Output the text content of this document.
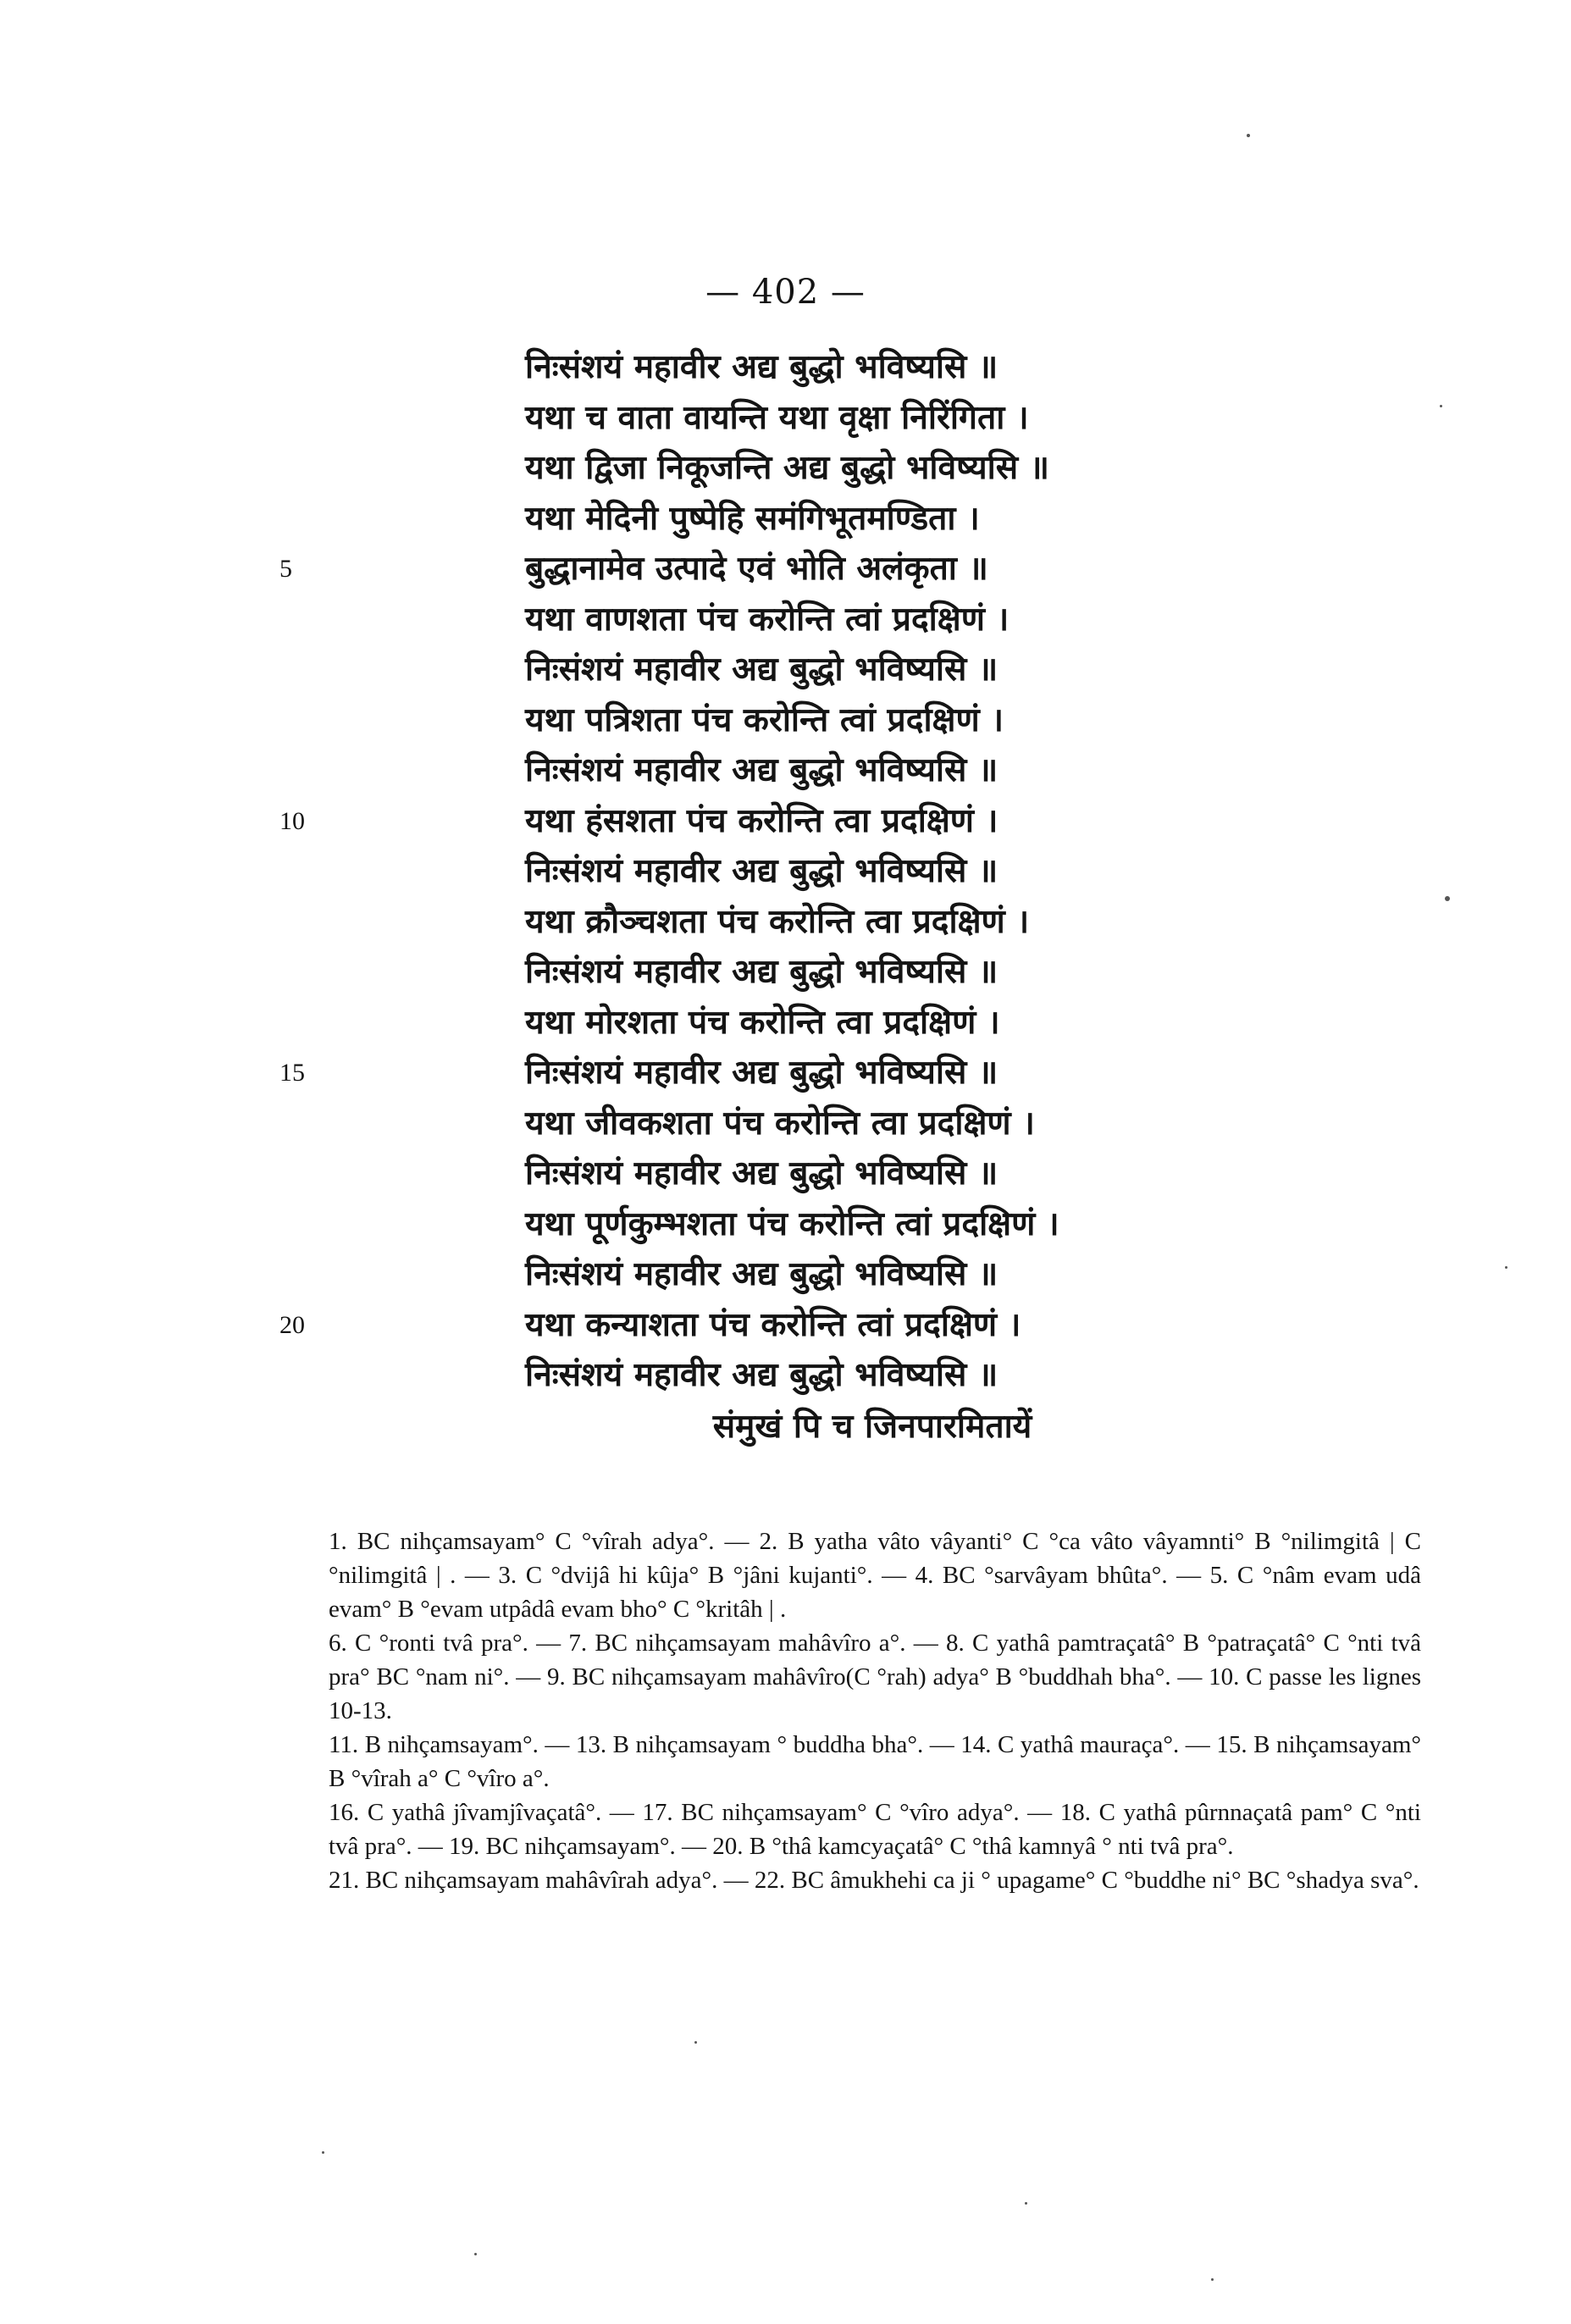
— 402 —
निःसंशयं महावीर अद्य बुद्धो भविष्यसि ॥
यथा च वाता वायन्ति यथा वृक्षा निरिंगिता ।
यथा द्विजा निकूजन्ति अद्य बुद्धो भविष्यसि ॥
यथा मेदिनी पुष्पेहि समंगिभूतमण्डिता ।
5	बुद्धानामेव उत्पादे एवं भोति अलंकृता ॥
यथा वाणशता पंच करोन्ति त्वां प्रदक्षिणं ।
निःसंशयं महावीर अद्य बुद्धो भविष्यसि ॥
यथा पत्रिशता पंच करोन्ति त्वां प्रदक्षिणं ।
निःसंशयं महावीर अद्य बुद्धो भविष्यसि ॥
10	यथा हंसशता पंच करोन्ति त्वा प्रदक्षिणं ।
निःसंशयं महावीर अद्य बुद्धो भविष्यसि ॥
यथा क्रौञ्चशता पंच करोन्ति त्वा प्रदक्षिणं ।
निःसंशयं महावीर अद्य बुद्धो भविष्यसि ॥
यथा मोरशता पंच करोन्ति त्वा प्रदक्षिणं ।
15	निःसंशयं महावीर अद्य बुद्धो भविष्यसि ॥
यथा जीवकशता पंच करोन्ति त्वा प्रदक्षिणं ।
निःसंशयं महावीर अद्य बुद्धो भविष्यसि ॥
यथा पूर्णकुम्भशता पंच करोन्ति त्वां प्रदक्षिणं ।
निःसंशयं महावीर अद्य बुद्धो भविष्यसि ॥
20	यथा कन्याशता पंच करोन्ति त्वां प्रदक्षिणं ।
निःसंशयं महावीर अद्य बुद्धो भविष्यसि ॥
संमुखं पि च जिनपारमितायें

1. BC nihçamsayam° C °vîrah adya°. — 2. B yatha vâto vâyanti° C °ca vâto vâyamnti° B °nilimgitâ | C °nilimgitâ | . — 3. C °dvijâ hi kûja° B °jâni kujanti°. — 4. BC °sarvâyam bhûta°. — 5. C °nâm evam udâ evam° B °evam utpâdâ evam bho° C °kritâh | .

6. C °ronti tvâ pra°. — 7. BC nihçamsayam mahâvîro a°. — 8. C yathâ pamtraçatâ° B °patraçatâ° C °nti tvâ pra° BC °nam ni°. — 9. BC nihçamsayam mahâvîro(C °rah) adya° B °buddhah bha°. — 10. C passe les lignes 10-13.

11. B nihçamsayam°. — 13. B nihçamsayam ° buddha bha°. — 14. C yathâ mauraça°. — 15. B nihçamsayam° B °vîrah a° C °vîro a°.

16. C yathâ jîvamjîvaçatâ°. — 17. BC nihçamsayam° C °vîro adya°. — 18. C yathâ pûrnnaçatâ pam° C °nti tvâ pra°. — 19. BC nihçamsayam°. — 20. B °thâ kamcyaçatâ° C °thâ kamnyâ ° nti tvâ pra°.

21. BC nihçamsayam mahâvîrah adya°. — 22. BC âmukhehi ca ji ° upagame° C °buddhe ni° BC °shadya sva°.
